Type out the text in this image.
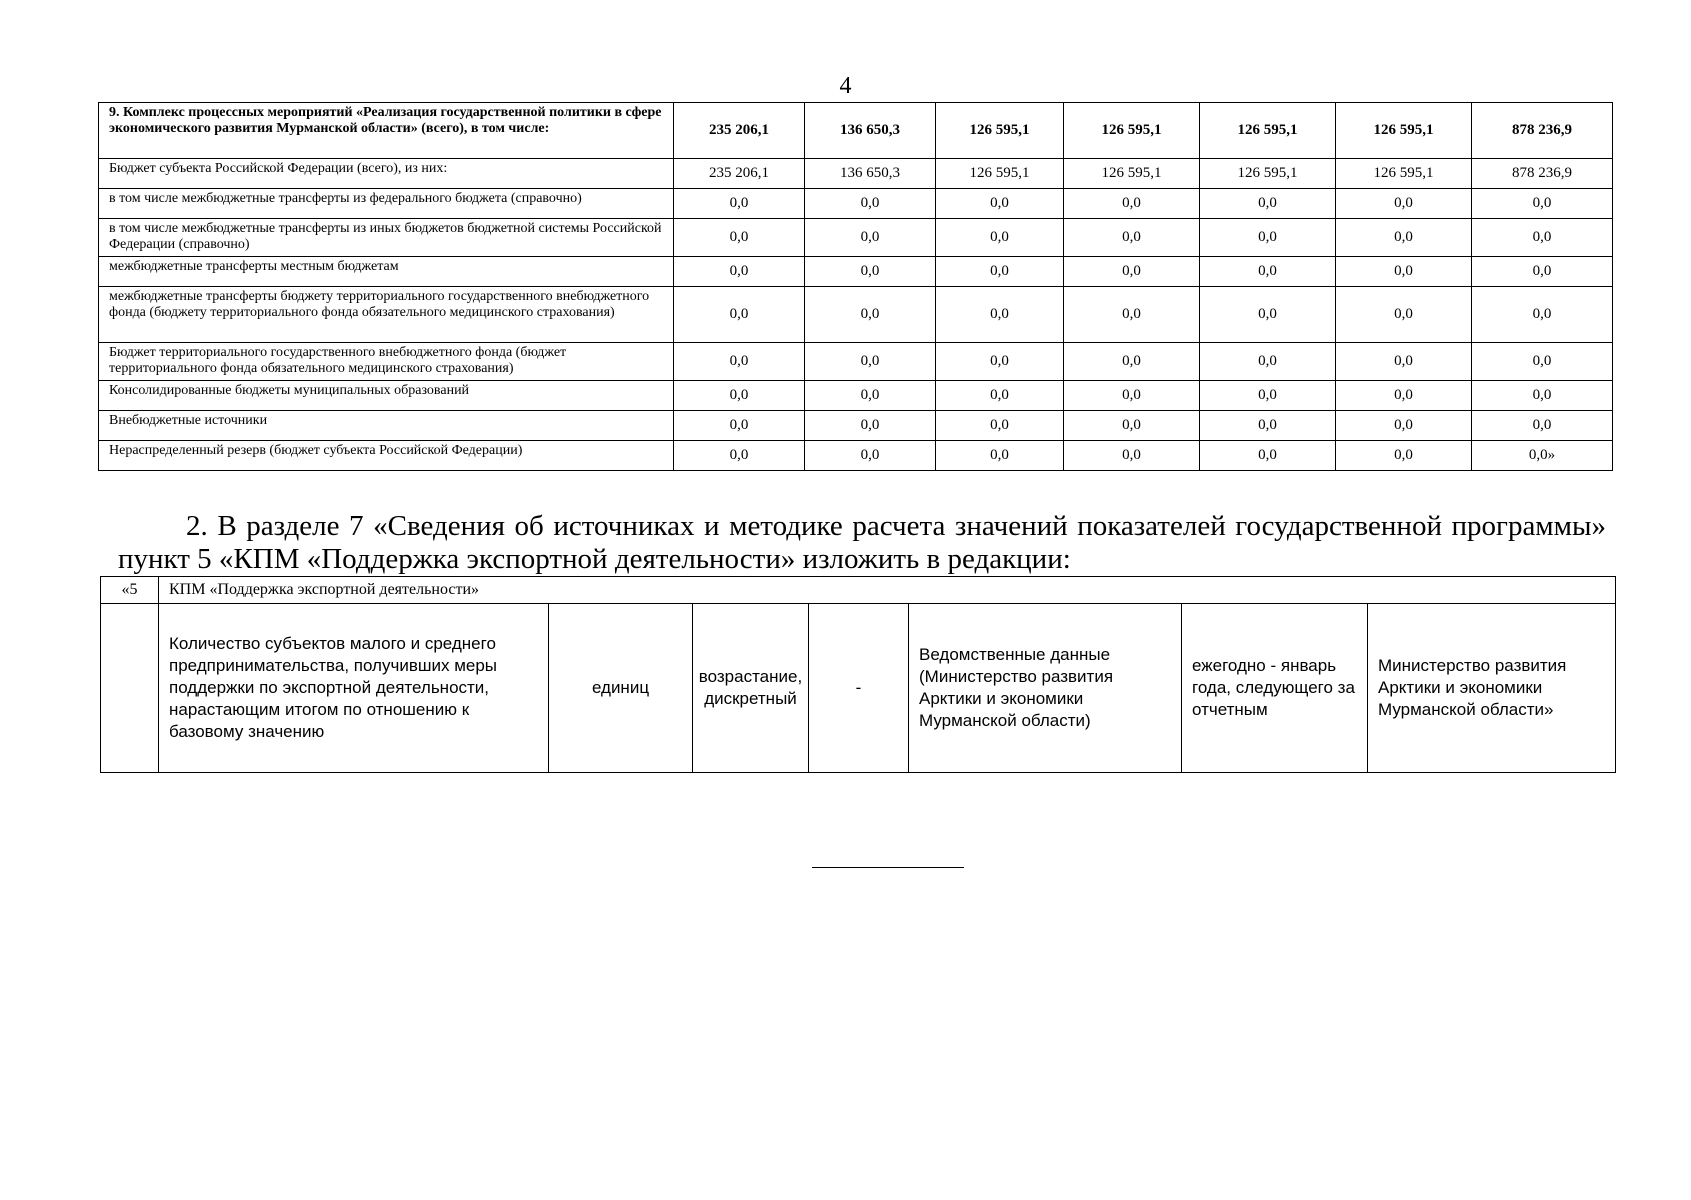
4
9. Комплекс процессных мероприятий «Реализация государственной политики в сфере экономического развития Мурманской области» (всего), в том числе:	235 206,1	136 650,3	126 595,1	126 595,1	126 595,1	126 595,1	878 236,9
Бюджет субъекта Российской Федерации (всего), из них:	235 206,1	136 650,3	126 595,1	126 595,1	126 595,1	126 595,1	878 236,9
в том числе межбюджетные трансферты из федерального бюджета (справочно)	0,0	0,0	0,0	0,0	0,0	0,0	0,0
в том числе межбюджетные трансферты из иных бюджетов бюджетной системы Российской Федерации (справочно)	0,0	0,0	0,0	0,0	0,0	0,0	0,0
межбюджетные трансферты местным бюджетам	0,0	0,0	0,0	0,0	0,0	0,0	0,0
межбюджетные трансферты бюджету территориального государственного внебюджетного фонда (бюджету территориального фонда обязательного медицинского страхования)	0,0	0,0	0,0	0,0	0,0	0,0	0,0
Бюджет территориального государственного внебюджетного фонда (бюджет территориального фонда обязательного медицинского страхования)	0,0	0,0	0,0	0,0	0,0	0,0	0,0
Консолидированные бюджеты муниципальных образований	0,0	0,0	0,0	0,0	0,0	0,0	0,0
Внебюджетные источники	0,0	0,0	0,0	0,0	0,0	0,0	0,0
Нераспределенный резерв (бюджет субъекта Российской Федерации)	0,0	0,0	0,0	0,0	0,0	0,0	0,0»
2. В разделе 7 «Сведения об источниках и методике расчета значений показателей государственной программы» пункт 5 «КПМ «Поддержка экспортной деятельности» изложить в редакции:
«5	КПМ «Поддержка экспортной деятельности»						
	Количество субъектов малого и среднего предпринимательства, получивших меры поддержки по экспортной деятельности, нарастающим итогом по отношению к базовому значению	единиц	возрастание, дискретный	-	Ведомственные данные (Министерство развития Арктики и экономики Мурманской области)	ежегодно - январь года, следующего за отчетным	Министерство развития Арктики и экономики Мурманской области»
